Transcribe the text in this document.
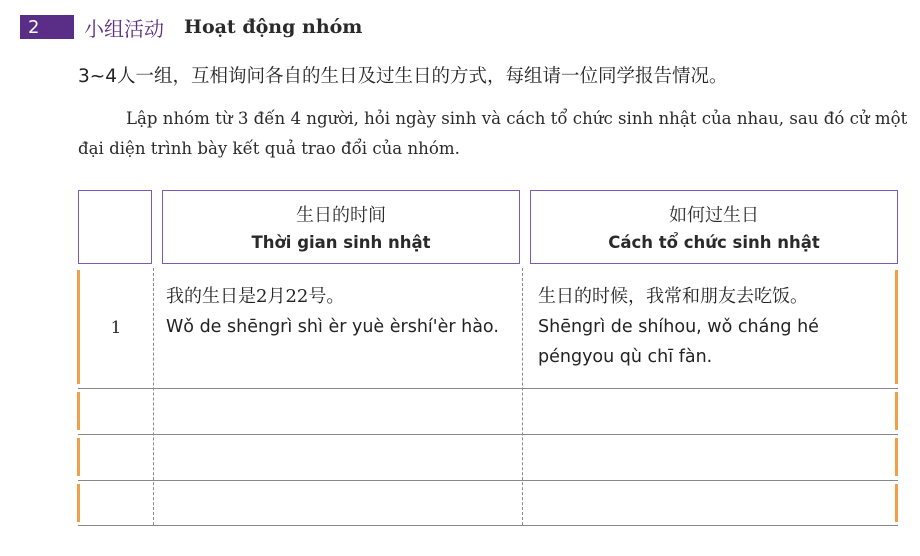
2	小组活动 Hoạt động nhóm
3~4人一组，互相询问各自的生日及过生日的方式，每组请一位同学报告情况。
Lập nhóm từ 3 đến 4 người, hỏi ngày sinh và cách tổ chức sinh nhật của nhau, sau đó cử một đại diện trình bày kết quả trao đổi của nhóm.
生日的时间
Thời gian sinh nhật
如何过生日
Cách tổ chức sinh nhật
1
我的生日是2月22号。
Wǒ de shēngrì shì èr yuè èrshí'èr hào.
生日的时候，我常和朋友去吃饭。
Shēngrì de shíhou, wǒ cháng hé péngyou qù chī fàn.
